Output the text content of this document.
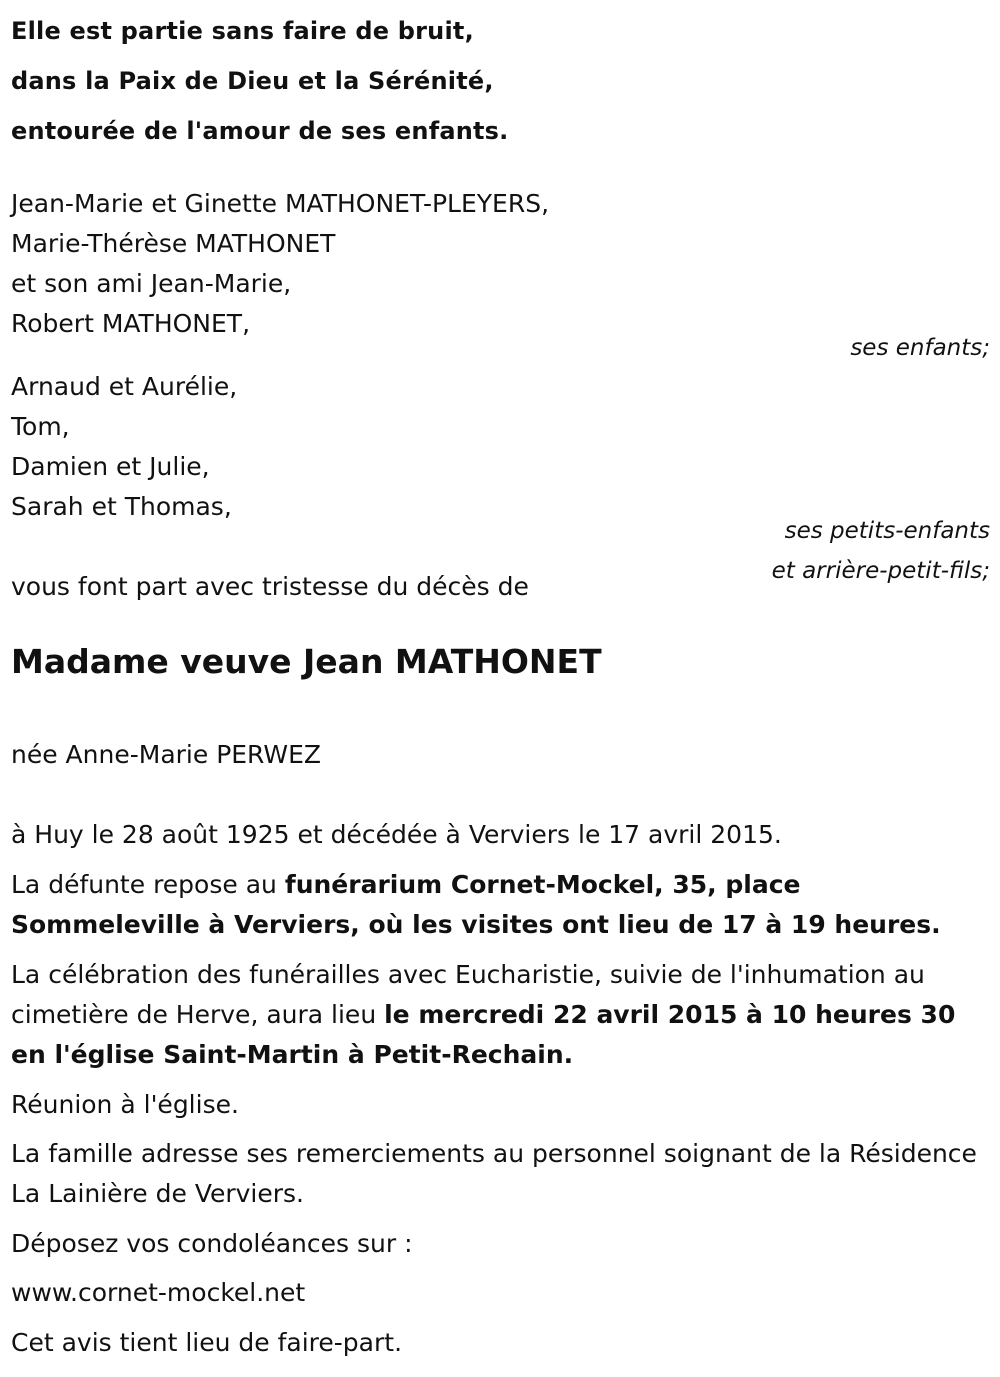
Elle est partie sans faire de bruit,
dans la Paix de Dieu et la Sérénité,
entourée de l'amour de ses enfants.
Jean-Marie et Ginette MATHONET-PLEYERS,
Marie-Thérèse MATHONET
et son ami Jean-Marie,
Robert MATHONET,
ses enfants;
Arnaud et Aurélie,
Tom,
Damien et Julie,
Sarah et Thomas,
ses petits-enfants
et arrière-petit-fils;
vous font part avec tristesse du décès de
Madame veuve Jean MATHONET
née Anne-Marie PERWEZ
à Huy le 28 août 1925 et décédée à Verviers le 17 avril 2015.
La défunte repose au funérarium Cornet-Mockel, 35, place Sommeleville à Verviers, où les visites ont lieu de 17 à 19 heures.
La célébration des funérailles avec Eucharistie, suivie de l'inhumation au cimetière de Herve, aura lieu le mercredi 22 avril 2015 à 10 heures 30 en l'église Saint-Martin à Petit-Rechain.
Réunion à l'église.
La famille adresse ses remerciements au personnel soignant de la Résidence La Lainière de Verviers.
Déposez vos condoléances sur :
www.cornet-mockel.net
Cet avis tient lieu de faire-part.
